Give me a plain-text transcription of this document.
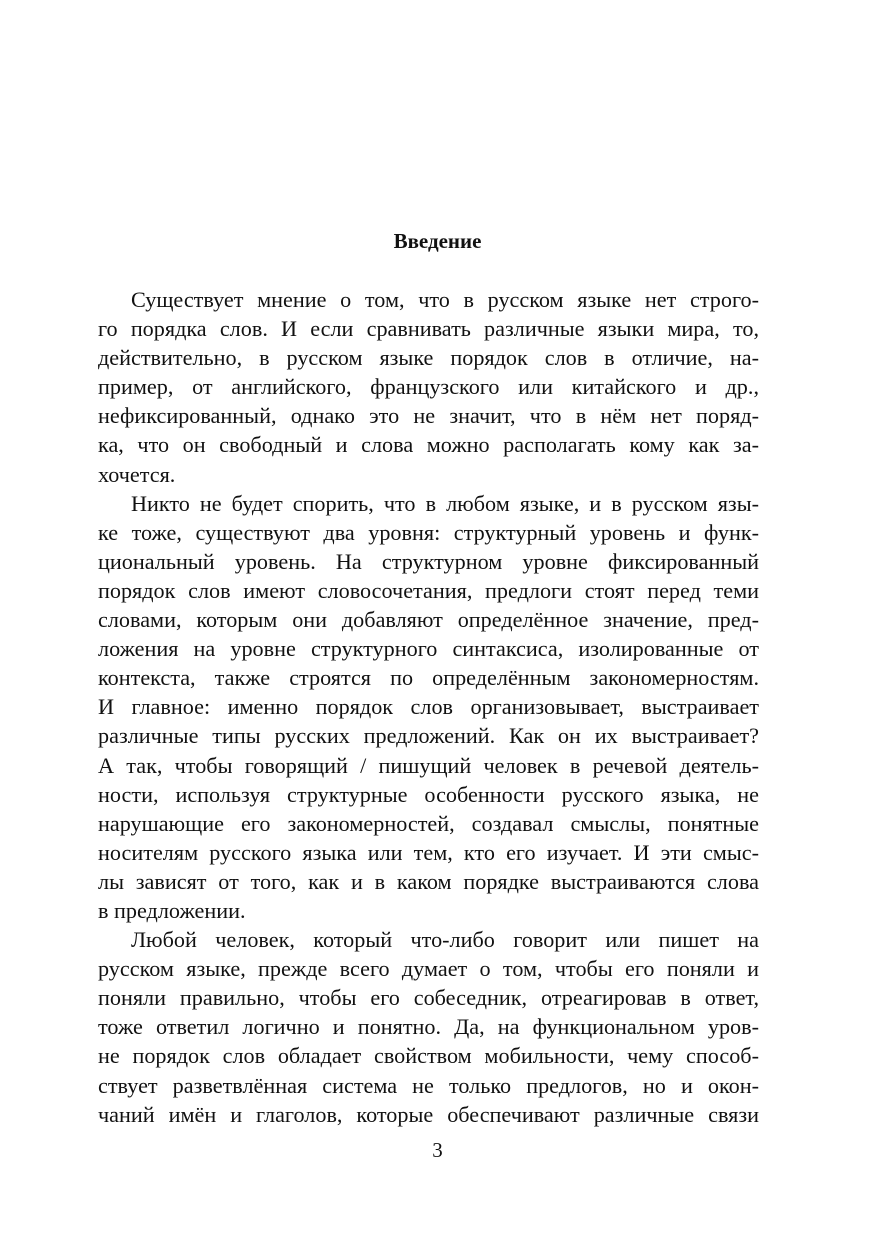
Введение
Существует мнение о том, что в русском языке нет строго-
го порядка слов. И если сравнивать различные языки мира, то,
действительно, в русском языке порядок слов в отличие, на-
пример, от английского, французского или китайского и др.,
нефиксированный, однако это не значит, что в нём нет поряд-
ка, что он свободный и слова можно располагать кому как за-
хочется.
Никто не будет спорить, что в любом языке, и в русском язы-
ке тоже, существуют два уровня: структурный уровень и функ-
циональный уровень. На структурном уровне фиксированный
порядок слов имеют словосочетания, предлоги стоят перед теми
словами, которым они добавляют определённое значение, пред-
ложения на уровне структурного синтаксиса, изолированные от
контекста, также строятся по определённым закономерностям.
И главное: именно порядок слов организовывает, выстраивает
различные типы русских предложений. Как он их выстраивает?
А так, чтобы говорящий / пишущий человек в речевой деятель-
ности, используя структурные особенности русского языка, не
нарушающие его закономерностей, создавал смыслы, понятные
носителям русского языка или тем, кто его изучает. И эти смыс-
лы зависят от того, как и в каком порядке выстраиваются слова
в предложении.
Любой человек, который что-либо говорит или пишет на
русском языке, прежде всего думает о том, чтобы его поняли и
поняли правильно, чтобы его собеседник, отреагировав в ответ,
тоже ответил логично и понятно. Да, на функциональном уров-
не порядок слов обладает свойством мобильности, чему способ-
ствует разветвлённая система не только предлогов, но и окон-
чаний имён и глаголов, которые обеспечивают различные связи
3
